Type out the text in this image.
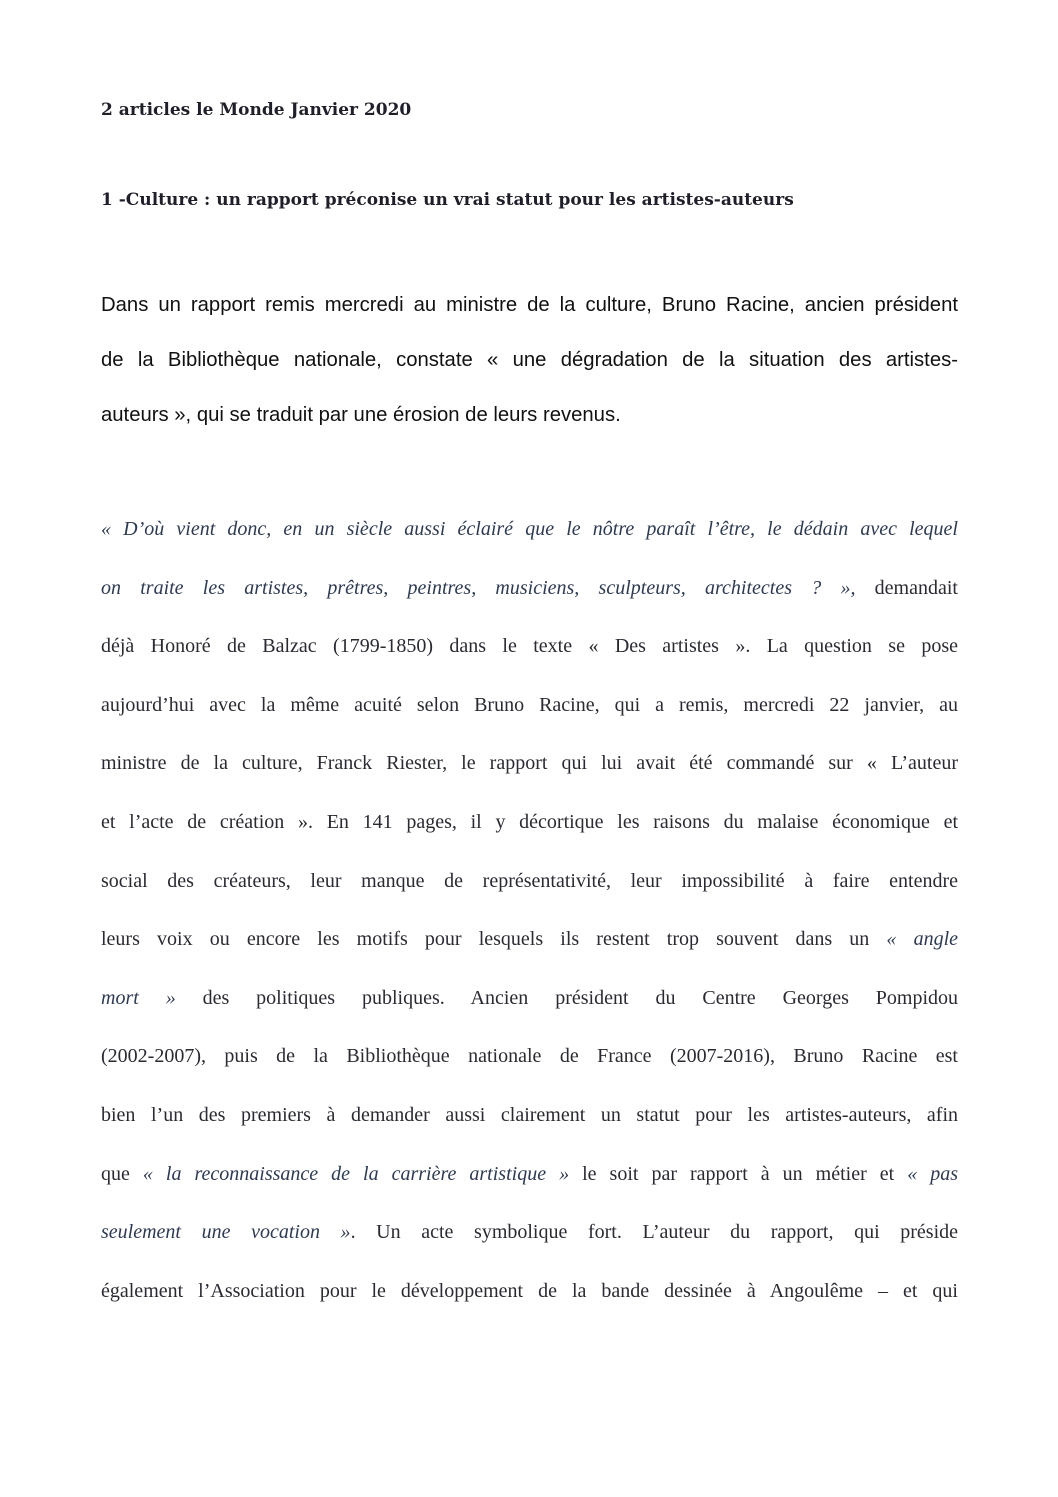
2 articles le Monde Janvier 2020
1 -Culture : un rapport préconise un vrai statut pour les artistes-auteurs
Dans un rapport remis mercredi au ministre de la culture, Bruno Racine, ancien président
de la Bibliothèque nationale, constate « une dégradation de la situation des artistes-
auteurs », qui se traduit par une érosion de leurs revenus.
« D’où vient donc, en un siècle aussi éclairé que le nôtre paraît l’être, le dédain avec lequel
on traite les artistes, prêtres, peintres, musiciens, sculpteurs, architectes ? », demandait
déjà Honoré de Balzac (1799-1850) dans le texte « Des artistes ». La question se pose
aujourd’hui avec la même acuité selon Bruno Racine, qui a remis, mercredi 22 janvier, au
ministre de la culture, Franck Riester, le rapport qui lui avait été commandé sur « L’auteur
et l’acte de création ». En 141 pages, il y décortique les raisons du malaise économique et
social des créateurs, leur manque de représentativité, leur impossibilité à faire entendre
leurs voix ou encore les motifs pour lesquels ils restent trop souvent dans un « angle
mort » des politiques publiques. Ancien président du Centre Georges Pompidou
(2002-2007), puis de la Bibliothèque nationale de France (2007-2016), Bruno Racine est
bien l’un des premiers à demander aussi clairement un statut pour les artistes-auteurs, afin
que « la reconnaissance de la carrière artistique » le soit par rapport à un métier et « pas
seulement une vocation ». Un acte symbolique fort. L’auteur du rapport, qui préside
également l’Association pour le développement de la bande dessinée à Angoulême – et qui
